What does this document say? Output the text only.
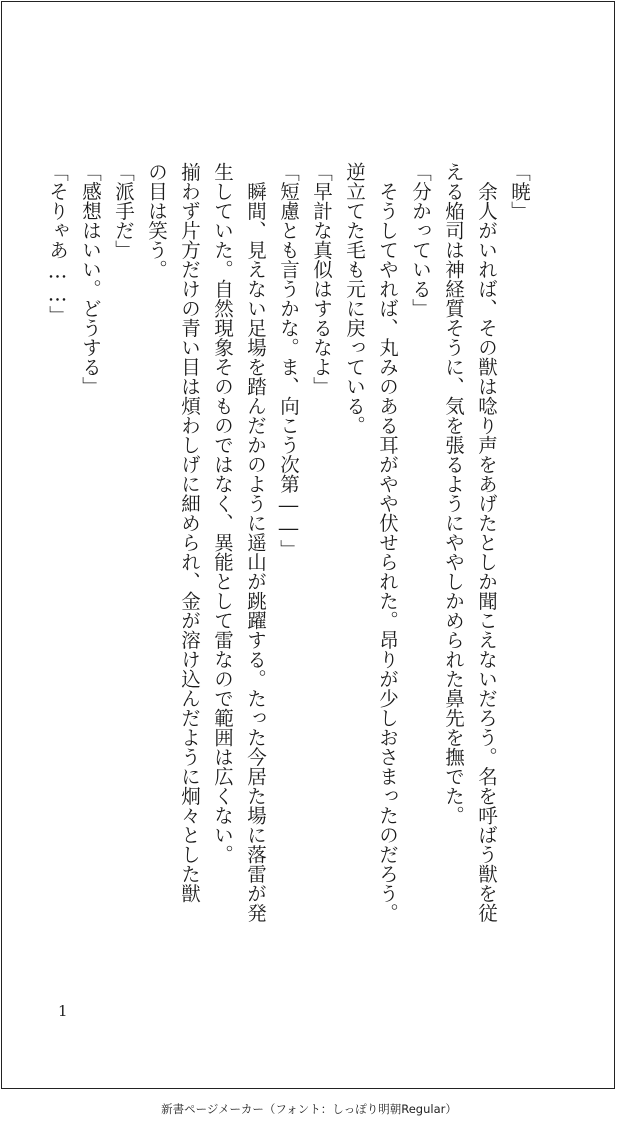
「暁」
　余人がいれば、その獣は唸り声をあげたとしか聞こえないだろう。名を呼ばう獣を従
える焔司は神経質そうに、気を張るようにややしかめられた鼻先を撫でた。
「分かっている」
　そうしてやれば、丸みのある耳がやや伏せられた。昂りが少しおさまったのだろう。
逆立てた毛も元に戻っている。
「早計な真似はするなよ」
「短慮とも言うかな。ま、向こう次第――」
　瞬間、見えない足場を踏んだかのように遥山が跳躍する。たった今居た場に落雷が発
生していた。自然現象そのものではなく、異能として雷なので範囲は広くない。
揃わず片方だけの青い目は煩わしげに細められ、金が溶け込んだように炯々とした獣
の目は笑う。
「派手だ」
「感想はいい。どうする」
「そりゃあ……」
1
新書ページメーカー（フォント：しっぽり明朝Regular）
